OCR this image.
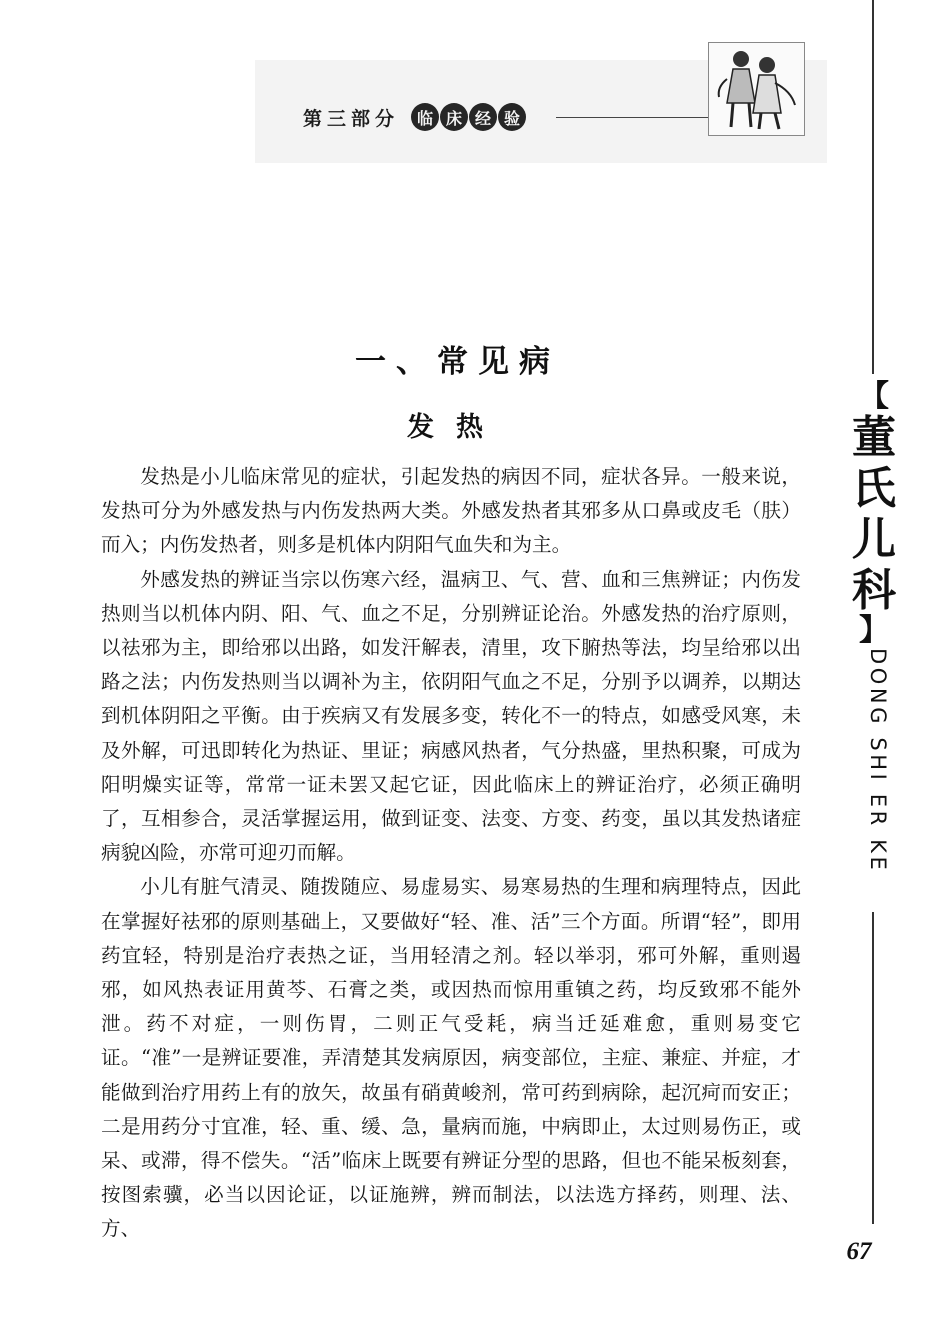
第三部分	临 床 经 验
【
董
氏
儿
科
】
DONG SHI ER KE
一、常见病
发热

发热是小儿临床常见的症状，引起发热的病因不同，症状各异。一般来说，发热可分为外感发热与内伤发热两大类。外感发热者其邪多从口鼻或皮毛（肤）而入；内伤发热者，则多是机体内阴阳气血失和为主。

外感发热的辨证当宗以伤寒六经，温病卫、气、营、血和三焦辨证；内伤发热则当以机体内阴、阳、气、血之不足，分别辨证论治。外感发热的治疗原则，以祛邪为主，即给邪以出路，如发汗解表，清里，攻下腑热等法，均呈给邪以出路之法；内伤发热则当以调补为主，依阴阳气血之不足，分别予以调养，以期达到机体阴阳之平衡。由于疾病又有发展多变，转化不一的特点，如感受风寒，未及外解，可迅即转化为热证、里证；病感风热者，气分热盛，里热积聚，可成为阳明燥实证等，常常一证未罢又起它证，因此临床上的辨证治疗，必须正确明了，互相参合，灵活掌握运用，做到证变、法变、方变、药变，虽以其发热诸症病貌凶险，亦常可迎刃而解。

小儿有脏气清灵、随拨随应、易虚易实、易寒易热的生理和病理特点，因此在掌握好祛邪的原则基础上，又要做好“轻、准、活”三个方面。所谓“轻”，即用药宜轻，特别是治疗表热之证，当用轻清之剂。轻以举羽，邪可外解，重则遏邪，如风热表证用黄芩、石膏之类，或因热而惊用重镇之药，均反致邪不能外泄。药不对症，一则伤胃，二则正气受耗，病当迁延难愈，重则易变它证。“准”一是辨证要准，弄清楚其发病原因，病变部位，主症、兼症、并症，才能做到治疗用药上有的放矢，故虽有硝黄峻剂，常可药到病除，起沉疴而安正；二是用药分寸宜准，轻、重、缓、急，量病而施，中病即止，太过则易伤正，或呆、或滞，得不偿失。“活”临床上既要有辨证分型的思路，但也不能呆板刻套，按图索骥，必当以因论证，以证施辨，辨而制法，以法选方择药，则理、法、方、

67
